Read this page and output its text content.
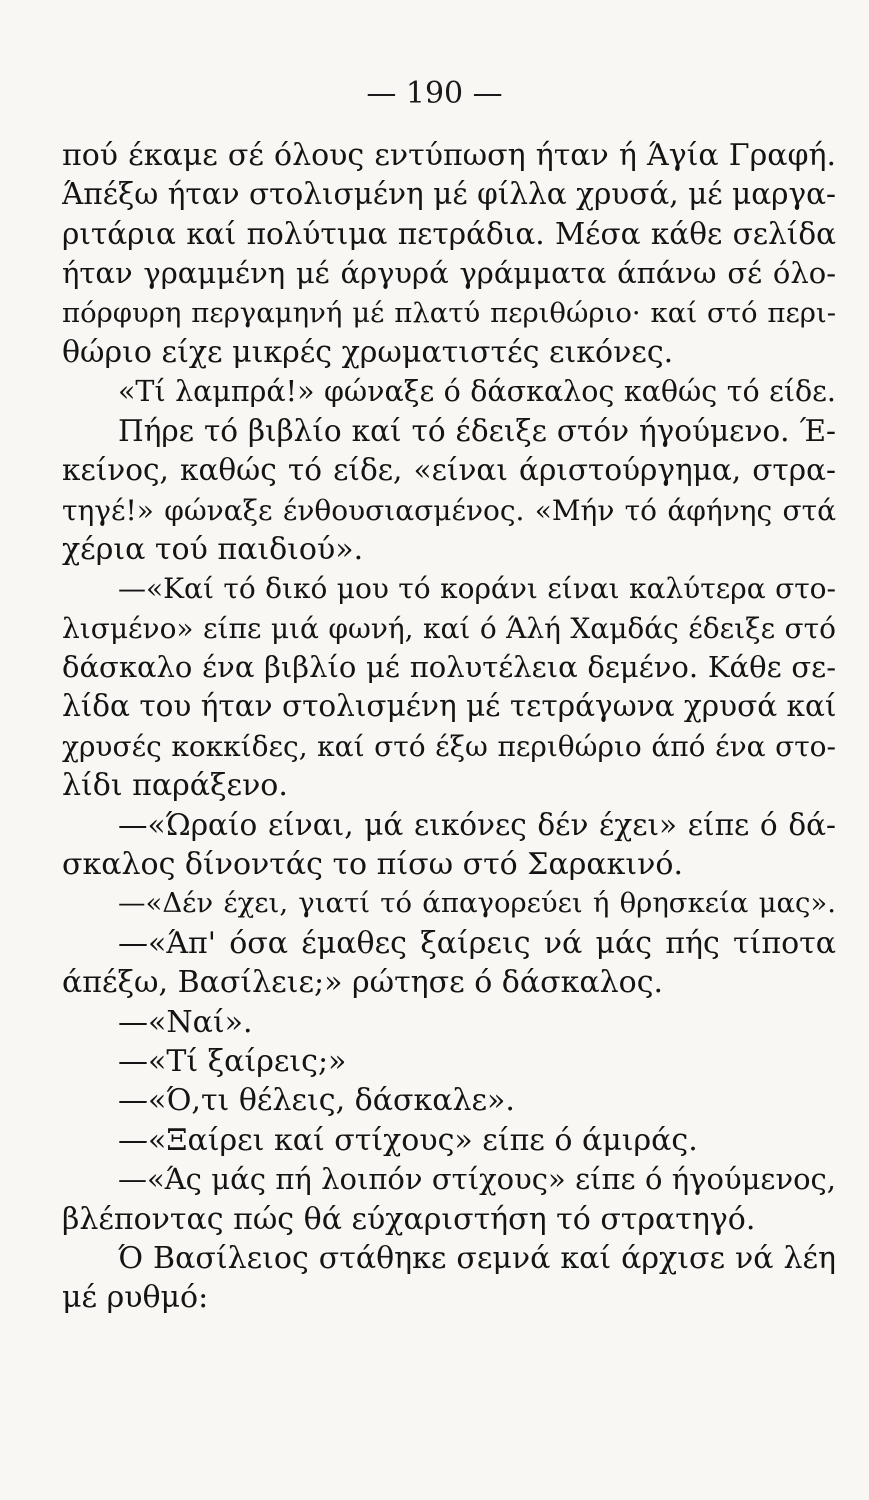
— 190 —
πού έκαμε σέ όλους εντύπωση ήταν ή Άγία Γραφή.
Άπέξω ήταν στολισμένη μέ φίλλα χρυσά, μέ μαργα-
ριτάρια καί πολύτιμα πετράδια. Μέσα κάθε σελίδα
ήταν γραμμένη μέ άργυρά γράμματα άπάνω σέ όλο-
πόρφυρη περγαμηνή μέ πλατύ περιθώριο· καί στό περι-
θώριο είχε μικρές χρωματιστές εικόνες.
«Τί λαμπρά!» φώναξε ό δάσκαλος καθώς τό είδε.
Πήρε τό βιβλίο καί τό έδειξε στόν ήγούμενο. Έ-
κείνος, καθώς τό είδε, «είναι άριστούργημα, στρα-
τηγέ!» φώναξε ένθουσιασμένος. «Μήν τό άφήνης στά
χέρια τού παιδιού».
—«Καί τό δικό μου τό κοράνι είναι καλύτερα στο-
λισμένο» είπε μιά φωνή, καί ό Άλή Χαμδάς έδειξε στό
δάσκαλο ένα βιβλίο μέ πολυτέλεια δεμένο. Κάθε σε-
λίδα του ήταν στολισμένη μέ τετράγωνα χρυσά καί
χρυσές κοκκίδες, καί στό έξω περιθώριο άπό ένα στο-
λίδι παράξενο.
—«Ώραίο είναι, μά εικόνες δέν έχει» είπε ό δά-
σκαλος δίνοντάς το πίσω στό Σαρακινό.
—«Δέν έχει, γιατί τό άπαγορεύει ή θρησκεία μας».
—«Άπ' όσα έμαθες ξαίρεις νά μάς πής τίποτα
άπέξω, Βασίλειε;» ρώτησε ό δάσκαλος.
—«Ναί».
—«Τί ξαίρεις;»
—«Ό,τι θέλεις, δάσκαλε».
—«Ξαίρει καί στίχους» είπε ό άμιράς.
—«Άς μάς πή λοιπόν στίχους» είπε ό ήγούμενος,
βλέποντας πώς θά εύχαριστήση τό στρατηγό.
Ό Βασίλειος στάθηκε σεμνά καί άρχισε νά λέη
μέ ρυθμό:
